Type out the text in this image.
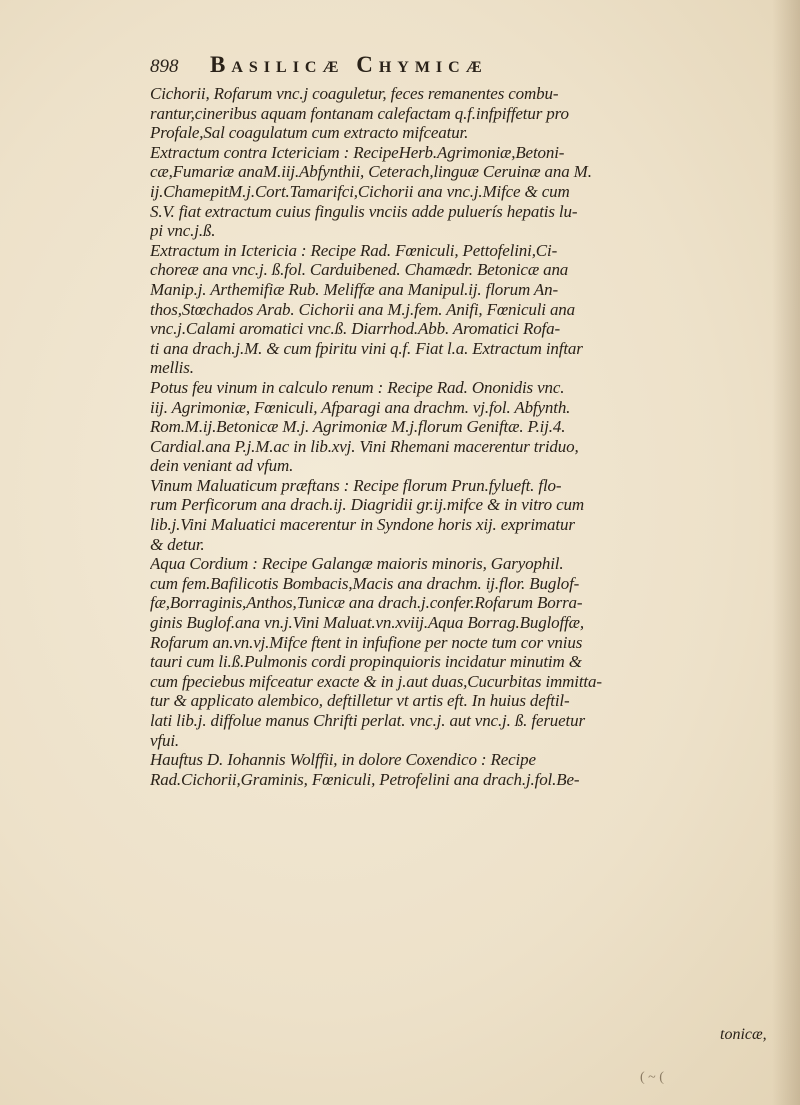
898 Basilicæ Chymicæ
Cichorii, Rofarum vnc.j coaguletur, feces remanentes combu-
rantur,cineribus aquam fontanam calefactam q.f.infpiffetur pro
Profale,Sal coagulatum cum extracto mifceatur.
Extractum contra Ictericiam : RecipeHerb.Agrimoniæ,Betoni-
cæ,Fumariæ anaM.iij.Abfynthii, Ceterach,linguæ Ceruinæ ana M.
ij.ChamepitM.j.Cort.Tamarifci,Cichorii ana vnc.j.Mifce & cum
S.V. fiat extractum cuius fingulis vnciis adde puluerís hepatis lu-
pi vnc.j.ß.
Extractum in Ictericia : Recipe Rad. Fœniculi, Pettofelini,Ci-
choreæ ana vnc.j. ß.fol. Carduibened. Chamædr. Betonicæ ana
Manip.j. Arthemifiæ Rub. Meliffæ ana Manipul.ij. florum An-
thos,Stœchados Arab. Cichorii ana M.j.fem. Anifi, Fœniculi ana
vnc.j.Calami aromatici vnc.ß. Diarrhod.Abb. Aromatici Rofa-
ti ana drach.j.M. & cum fpiritu vini q.f. Fiat l.a. Extractum inftar
mellis.
Potus feu vinum in calculo renum : Recipe Rad. Ononidis vnc.
iij. Agrimoniæ, Fœniculi, Afparagi ana drachm. vj.fol. Abfynth.
Rom.M.ij.Betonicæ M.j. Agrimoniæ M.j.florum Geniftæ. P.ij.4.
Cardial.ana P.j.M.ac in lib.xvj. Vini Rhemani macerentur triduo,
dein veniant ad vfum.
Vinum Maluaticum præftans : Recipe florum Prun.fylueft. flo-
rum Perficorum ana drach.ij. Diagridii gr.ij.mifce & in vitro cum
lib.j.Vini Maluatici macerentur in Syndone horis xij. exprimatur
& detur.
Aqua Cordium : Recipe Galangæ maioris minoris, Garyophil.
cum fem.Bafilicotis Bombacis,Macis ana drachm. ij.flor. Buglof-
fæ,Borraginis,Anthos,Tunicæ ana drach.j.confer.Rofarum Borra-
ginis Buglof.ana vn.j.Vini Maluat.vn.xviij.Aqua Borrag.Bugloffæ,
Rofarum an.vn.vj.Mifce ftent in infufione per nocte tum cor vnius
tauri cum li.ß.Pulmonis cordi propinquioris incidatur minutim &
cum fpeciebus mifceatur exacte & in j.aut duas,Cucurbitas immitta-
tur & applicato alembico, deftilletur vt artis eft. In huius deftil-
lati lib.j. diffolue manus Chrifti perlat. vnc.j. aut vnc.j. ß. feruetur
vfui.
Hauftus D. Iohannis Wolffii, in dolore Coxendico : Recipe
Rad.Cichorii,Graminis, Fœniculi, Petrofelini ana drach.j.fol.Be-
tonicæ,
( ~ (
